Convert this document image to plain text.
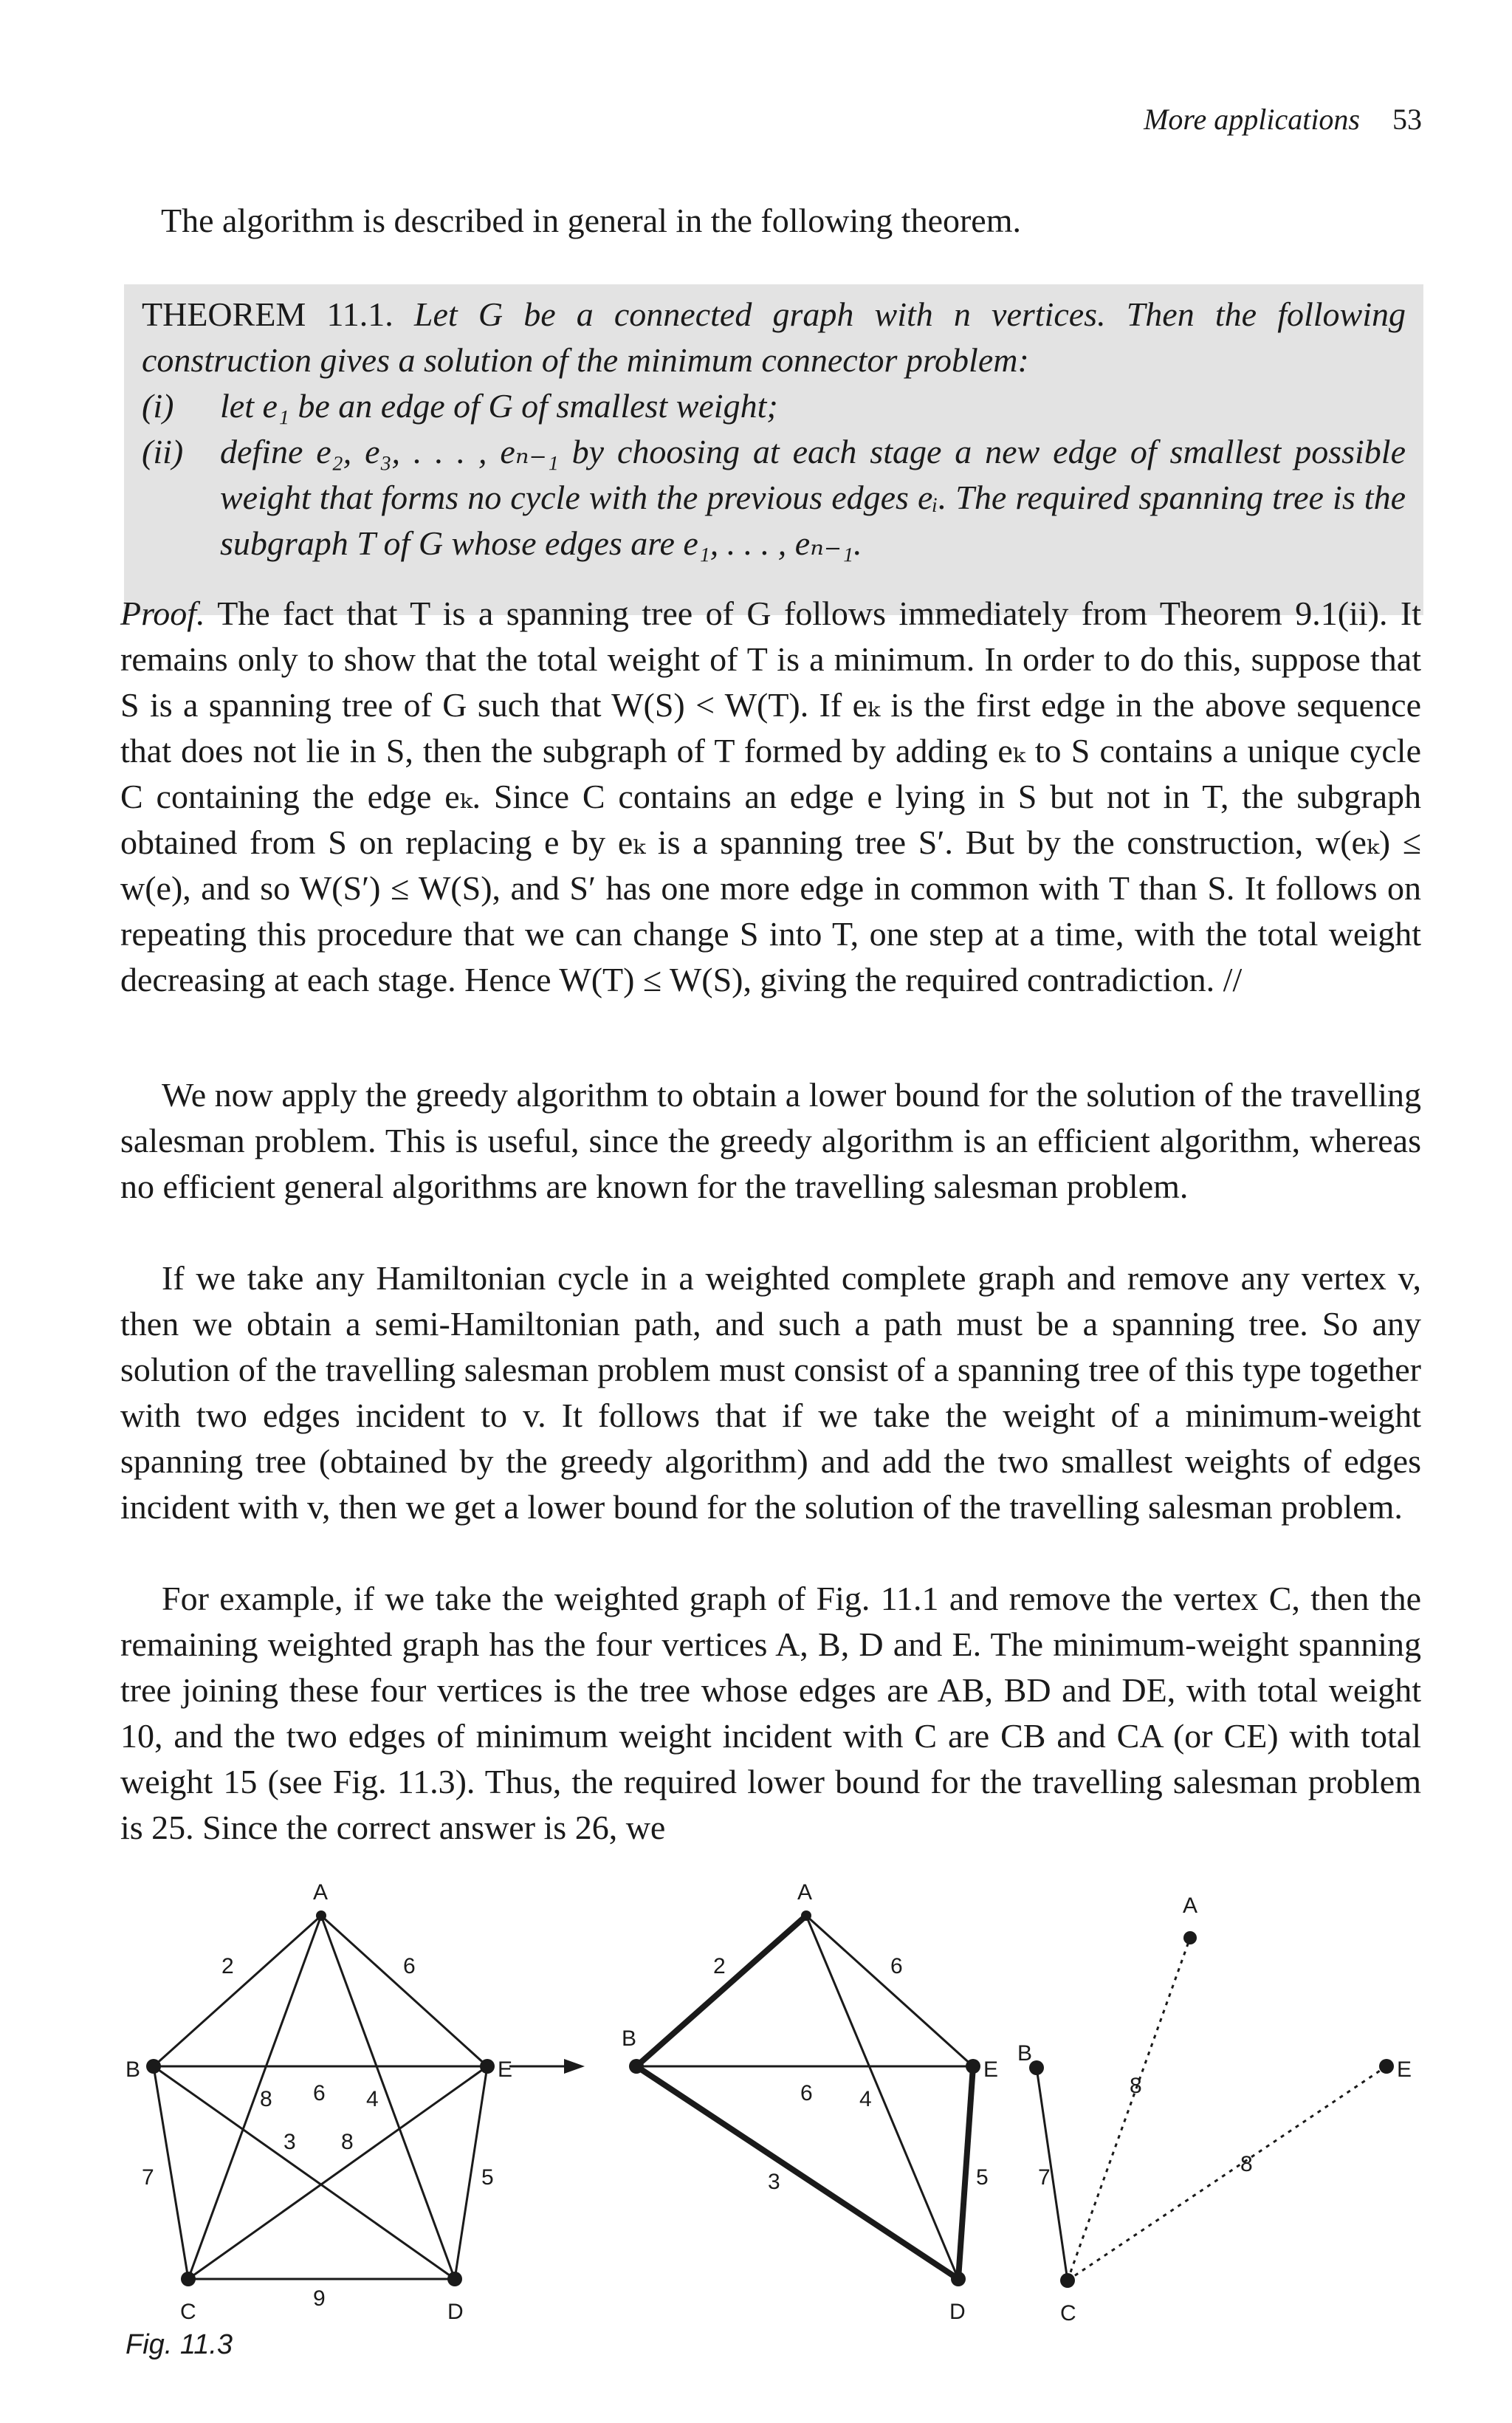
More applications 53

The algorithm is described in general in the following theorem.

THEOREM 11.1. Let G be a connected graph with n vertices. Then the following construction gives a solution of the minimum connector problem:

(i) let e₁ be an edge of G of smallest weight;

(ii)	define e₂, e₃, . . . , eₙ₋₁ by choosing at each stage a new edge of smallest possible weight that forms no cycle with the previous edges eᵢ. The required spanning tree is the subgraph T of G whose edges are e₁, . . . , eₙ₋₁.

Proof. The fact that T is a spanning tree of G follows immediately from Theorem 9.1(ii). It remains only to show that the total weight of T is a minimum. In order to do this, suppose that S is a spanning tree of G such that W(S) < W(T). If eₖ is the first edge in the above sequence that does not lie in S, then the subgraph of T formed by adding eₖ to S contains a unique cycle C containing the edge eₖ. Since C contains an edge e lying in S but not in T, the subgraph obtained from S on replacing e by eₖ is a spanning tree S′. But by the construction, w(eₖ) ≤ w(e), and so W(S′) ≤ W(S), and S′ has one more edge in common with T than S. It follows on repeating this procedure that we can change S into T, one step at a time, with the total weight decreasing at each stage. Hence W(T) ≤ W(S), giving the required contradiction. //

We now apply the greedy algorithm to obtain a lower bound for the solution of the travelling salesman problem. This is useful, since the greedy algorithm is an efficient algorithm, whereas no efficient general algorithms are known for the travelling salesman problem.

If we take any Hamiltonian cycle in a weighted complete graph and remove any vertex v, then we obtain a semi-Hamiltonian path, and such a path must be a spanning tree. So any solution of the travelling salesman problem must consist of a spanning tree of this type together with two edges incident to v. It follows that if we take the weight of a minimum-weight spanning tree (obtained by the greedy algorithm) and add the two smallest weights of edges incident with v, then we get a lower bound for the solution of the travelling salesman problem.

For example, if we take the weighted graph of Fig. 11.1 and remove the vertex C, then the remaining weighted graph has the four vertices A, B, D and E. The minimum-weight spanning tree joining these four vertices is the tree whose edges are AB, BD and DE, with total weight 10, and the two edges of minimum weight incident with C are CB and CA (or CE) with total weight 15 (see Fig. 11.3). Thus, the required lower bound for the travelling salesman problem is 25. Since the correct answer is 26, we

A
B	E
C	D
2	6
6
8	4
3 8
7	5
9
A
B
E
D
2	6
6 4
3	5
A
B
E
C
8
8
7
Fig. 11.3
